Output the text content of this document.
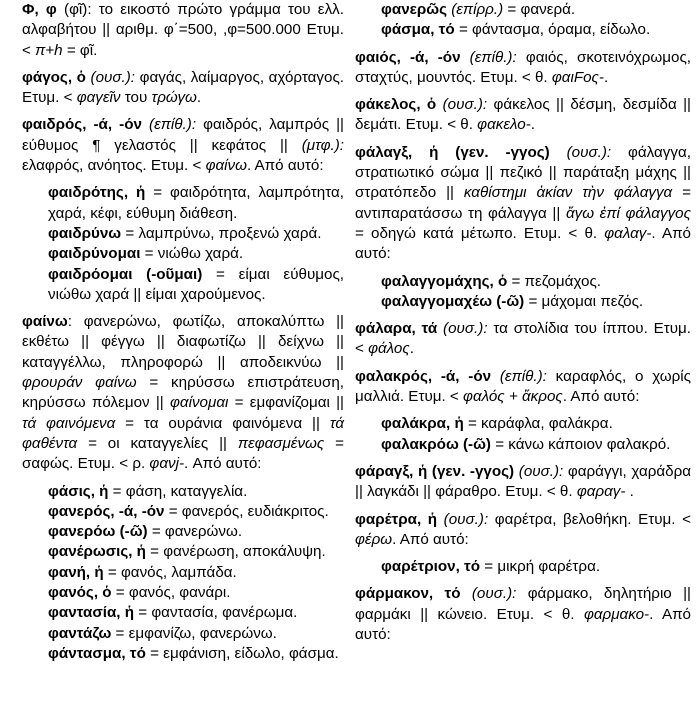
Φ, φ (φῖ): το εικοστό πρώτο γράμμα του ελλ. αλφαβήτου || αριθμ. φ΄=500, ,φ=500.000 Ετυμ. < π+h = φῖ.
φάγος, ὁ (ουσ.): φαγάς, λαίμαργος, αχόρταγος. Ετυμ. < φαγεῖν του τρώγω.
φαιδρός, -ά, -όν (επίθ.): φαιδρός, λαμπρός || εύθυμος ¶ γελαστός || κεφάτος || (μτφ.): ελαφρός, ανόητος. Ετυμ. < φαίνω. Από αυτό:
φαιδρότης, ἡ = φαιδρότητα, λαμπρότητα, χαρά, κέφι, εύθυμη διάθεση.
φαιδρύνω = λαμπρύνω, προξενώ χαρά.
φαιδρύνομαι = νιώθω χαρά.
φαιδρόομαι (-οῦμαι) = είμαι εύθυμος, νιώθω χαρά || είμαι χαρούμενος.
φαίνω: φανερώνω, φωτίζω, αποκαλύπτω || εκθέτω || φέγγω || διαφωτίζω || δείχνω || καταγγέλλω, πληροφορώ || αποδεικνύω || φρουράν φαίνω = κηρύσσω επιστράτευση, κηρύσσω πόλεμον || φαίνομαι = εμφανίζομαι || τά φαινόμενα = τα ουράνια φαινόμενα || τά φαθέντα = οι καταγγελίες || πεφασμένως = σαφώς. Ετυμ. < ρ. φανj-. Από αυτό:
φάσις, ἡ = φάση, καταγγελία.
φανερός, -ά, -όν = φανερός, ευδιάκριτος.
φανερόω (-ῶ) = φανερώνω.
φανέρωσις, ἡ = φανέρωση, αποκάλυψη.
φανή, ἡ = φανός, λαμπάδα.
φανός, ὁ = φανός, φανάρι.
φαντασία, ἡ = φαντασία, φανέρωμα.
φαντάζω = εμφανίζω, φανερώνω.
φάντασμα, τό = εμφάνιση, είδωλο, φάσμα.
φανερῶς (επίρρ.) = φανερά.
φάσμα, τό = φάντασμα, όραμα, είδωλο.
φαιός, -ά, -όν (επίθ.): φαιός, σκοτεινόχρωμος, σταχτύς, μουντός. Ετυμ. < θ. φαιFoς-.
φάκελος, ὁ (ουσ.): φάκελος || δέσμη, δεσμίδα || δεμάτι. Ετυμ. < θ. φακελο-.
φάλαγξ, ἡ (γεν. -γγος) (ουσ.): φάλαγγα, στρατιωτικό σώμα || πεζικό || παράταξη μάχης || στρατόπεδο || καθίστημι ἀκίαν τὴν φάλαγγα = αντιπαρατάσσω τη φάλαγγα || ἄγω ἐπί φάλαγγος = οδηγώ κατά μέτωπο. Ετυμ. < θ. φαλαγ-. Από αυτό:
φαλαγγομάχης, ὁ = πεζομάχος.
φαλαγγομαχέω (-ῶ) = μάχομαι πεζός.
φάλαρα, τά (ουσ.): τα στολίδια του ίππου. Ετυμ. < φάλος.
φαλακρός, -ά, -όν (επίθ.): καραφλός, ο χωρίς μαλλιά. Ετυμ. < φαλός + ἄκρος. Από αυτό:
φαλάκρα, ἡ = καράφλα, φαλάκρα.
φαλακρόω (-ῶ) = κάνω κάποιον φαλακρό.
φάραγξ, ἡ (γεν. -γγος) (ουσ.): φαράγγι, χαράδρα || λαγκάδι || φάραθρο. Ετυμ. < θ. φαραγ- .
φαρέτρα, ἡ (ουσ.): φαρέτρα, βελοθήκη. Ετυμ. < φέρω. Από αυτό:
φαρέτριον, τό = μικρή φαρέτρα.
φάρμακον, τό (ουσ.): φάρμακο, δηλητήριο || φαρμάκι || κώνειο. Ετυμ. < θ. φαρμακο-. Από αυτό:
